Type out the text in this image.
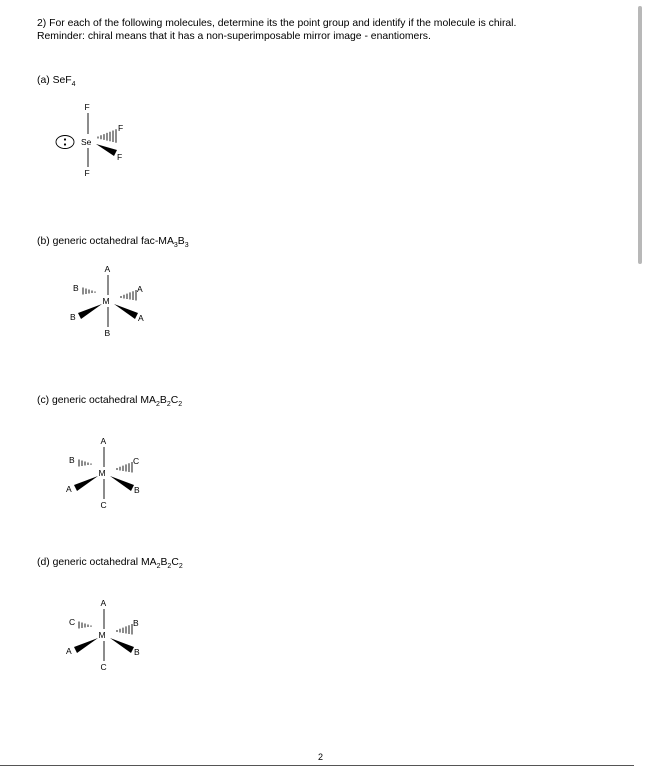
2) For each of the following molecules, determine its the point group and identify if the molecule is chiral.
Reminder: chiral means that it has a non-superimposable mirror image - enantiomers.
(a) SeF$_4$
F
Se
F
F
F
(b) generic octahedral fac-$MA_3B_3$
A
M
B	A
B	A
B
(c) generic octahedral $MA_2B_2C_2$
A
M
B	C
A	B
C
(d) generic octahedral $MA_2B_2C_2$
A
M
C	B
A	B
C
2
